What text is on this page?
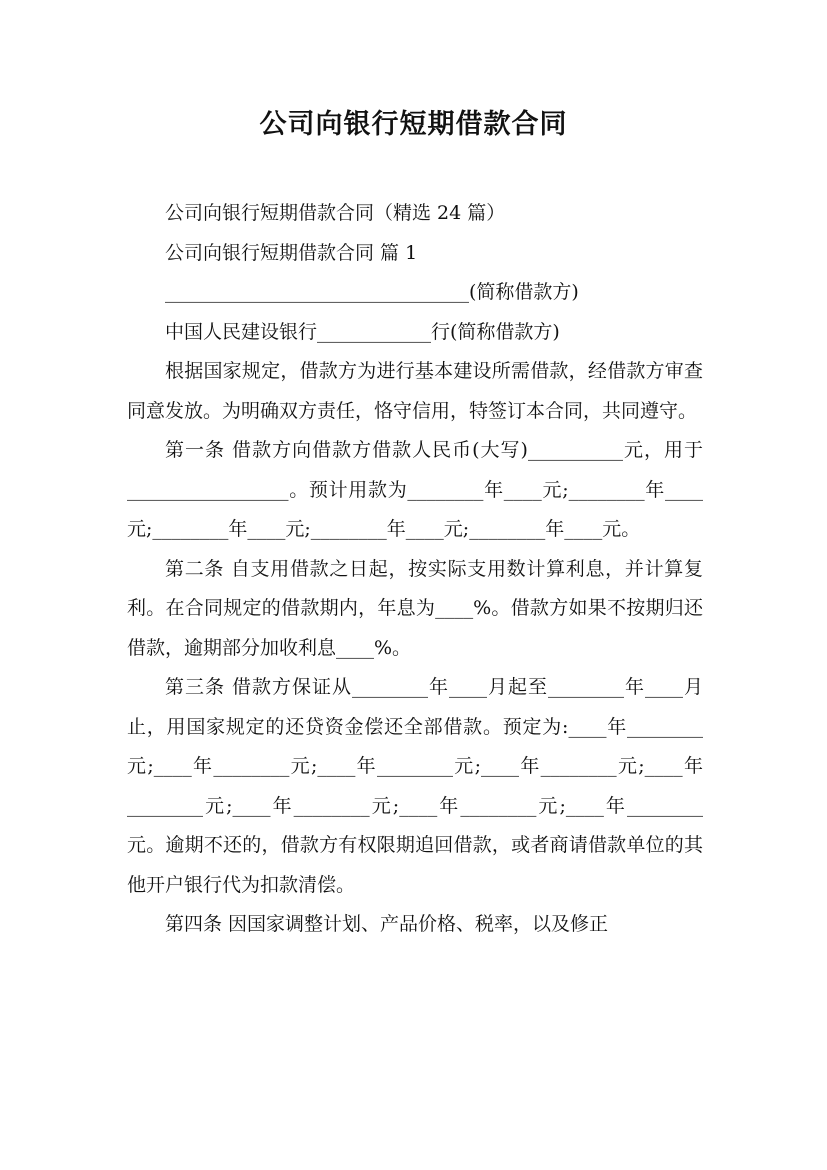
公司向银行短期借款合同

公司向银行短期借款合同（精选 24 篇）

公司向银行短期借款合同 篇 1

________________________________(简称借款方)

中国人民建设银行____________行(简称借款方)

根据国家规定，借款方为进行基本建设所需借款，经借款方审查同意发放。为明确双方责任，恪守信用，特签订本合同，共同遵守。

第一条 借款方向借款方借款人民币(大写)__________元，用于_________________。预计用款为________年____元;________年____元;________年____元;________年____元;________年____元。

第二条 自支用借款之日起，按实际支用数计算利息，并计算复利。在合同规定的借款期内，年息为____%。借款方如果不按期归还借款，逾期部分加收利息____%。

第三条 借款方保证从________年____月起至________年____月止，用国家规定的还贷资金偿还全部借款。预定为:____年________元;____年________元;____年________元;____年________元;____年________元;____年________元;____年________元;____年________元。逾期不还的，借款方有权限期追回借款，或者商请借款单位的其他开户银行代为扣款清偿。

第四条 因国家调整计划、产品价格、税率，以及修正
